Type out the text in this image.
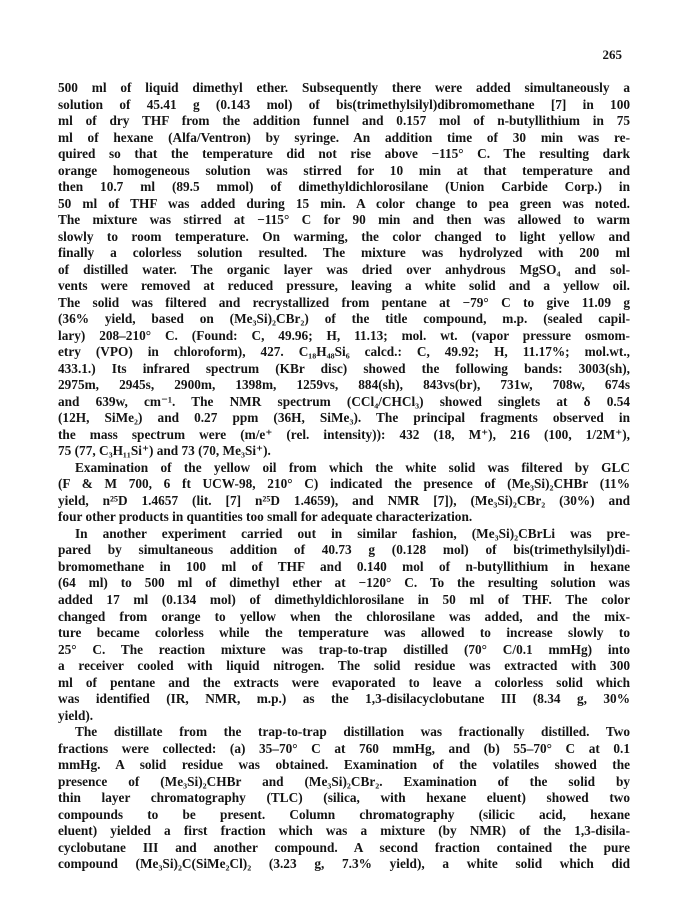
265
500 ml of liquid dimethyl ether. Subsequently there were added simultaneously a
solution of 45.41 g (0.143 mol) of bis(trimethylsilyl)dibromomethane [7] in 100
ml of dry THF from the addition funnel and 0.157 mol of n-butyllithium in 75
ml of hexane (Alfa/Ventron) by syringe. An addition time of 30 min was re-
quired so that the temperature did not rise above −115° C. The resulting dark
orange homogeneous solution was stirred for 10 min at that temperature and
then 10.7 ml (89.5 mmol) of dimethyldichlorosilane (Union Carbide Corp.) in
50 ml of THF was added during 15 min. A color change to pea green was noted.
The mixture was stirred at −115° C for 90 min and then was allowed to warm
slowly to room temperature. On warming, the color changed to light yellow and
finally a colorless solution resulted. The mixture was hydrolyzed with 200 ml
of distilled water. The organic layer was dried over anhydrous MgSO₄ and sol-
vents were removed at reduced pressure, leaving a white solid and a yellow oil.
The solid was filtered and recrystallized from pentane at −79° C to give 11.09 g
(36% yield, based on (Me₃Si)₂CBr₂) of the title compound, m.p. (sealed capil-
lary) 208–210° C. (Found: C, 49.96; H, 11.13; mol. wt. (vapor pressure osmom-
etry (VPO) in chloroform), 427. C₁₈H₄₈Si₆ calcd.: C, 49.92; H, 11.17%; mol.wt.,
433.1.) Its infrared spectrum (KBr disc) showed the following bands: 3003(sh),
2975m, 2945s, 2900m, 1398m, 1259vs, 884(sh), 843vs(br), 731w, 708w, 674s
and 639w, cm⁻¹. The NMR spectrum (CCl₄/CHCl₃) showed singlets at δ 0.54
(12H, SiMe₂) and 0.27 ppm (36H, SiMe₃). The principal fragments observed in
the mass spectrum were (m/e⁺ (rel. intensity)): 432 (18, M⁺), 216 (100, 1/2M⁺),
75 (77, C₃H₁₁Si⁺) and 73 (70, Me₃Si⁺).
Examination of the yellow oil from which the white solid was filtered by GLC
(F & M 700, 6 ft UCW-98, 210° C) indicated the presence of (Me₃Si)₂CHBr (11%
yield, n²⁵D 1.4657 (lit. [7] n²⁵D 1.4659), and NMR [7]), (Me₃Si)₂CBr₂ (30%) and
four other products in quantities too small for adequate characterization.
In another experiment carried out in similar fashion, (Me₃Si)₂CBrLi was pre-
pared by simultaneous addition of 40.73 g (0.128 mol) of bis(trimethylsilyl)di-
bromomethane in 100 ml of THF and 0.140 mol of n-butyllithium in hexane
(64 ml) to 500 ml of dimethyl ether at −120° C. To the resulting solution was
added 17 ml (0.134 mol) of dimethyldichlorosilane in 50 ml of THF. The color
changed from orange to yellow when the chlorosilane was added, and the mix-
ture became colorless while the temperature was allowed to increase slowly to
25° C. The reaction mixture was trap-to-trap distilled (70° C/0.1 mmHg) into
a receiver cooled with liquid nitrogen. The solid residue was extracted with 300
ml of pentane and the extracts were evaporated to leave a colorless solid which
was identified (IR, NMR, m.p.) as the 1,3-disilacyclobutane III (8.34 g, 30%
yield).
The distillate from the trap-to-trap distillation was fractionally distilled. Two
fractions were collected: (a) 35–70° C at 760 mmHg, and (b) 55–70° C at 0.1
mmHg. A solid residue was obtained. Examination of the volatiles showed the
presence of (Me₃Si)₂CHBr and (Me₃Si)₂CBr₂. Examination of the solid by
thin layer chromatography (TLC) (silica, with hexane eluent) showed two
compounds to be present. Column chromatography (silicic acid, hexane
eluent) yielded a first fraction which was a mixture (by NMR) of the 1,3-disila-
cyclobutane III and another compound. A second fraction contained the pure
compound (Me₃Si)₂C(SiMe₂Cl)₂ (3.23 g, 7.3% yield), a white solid which did
